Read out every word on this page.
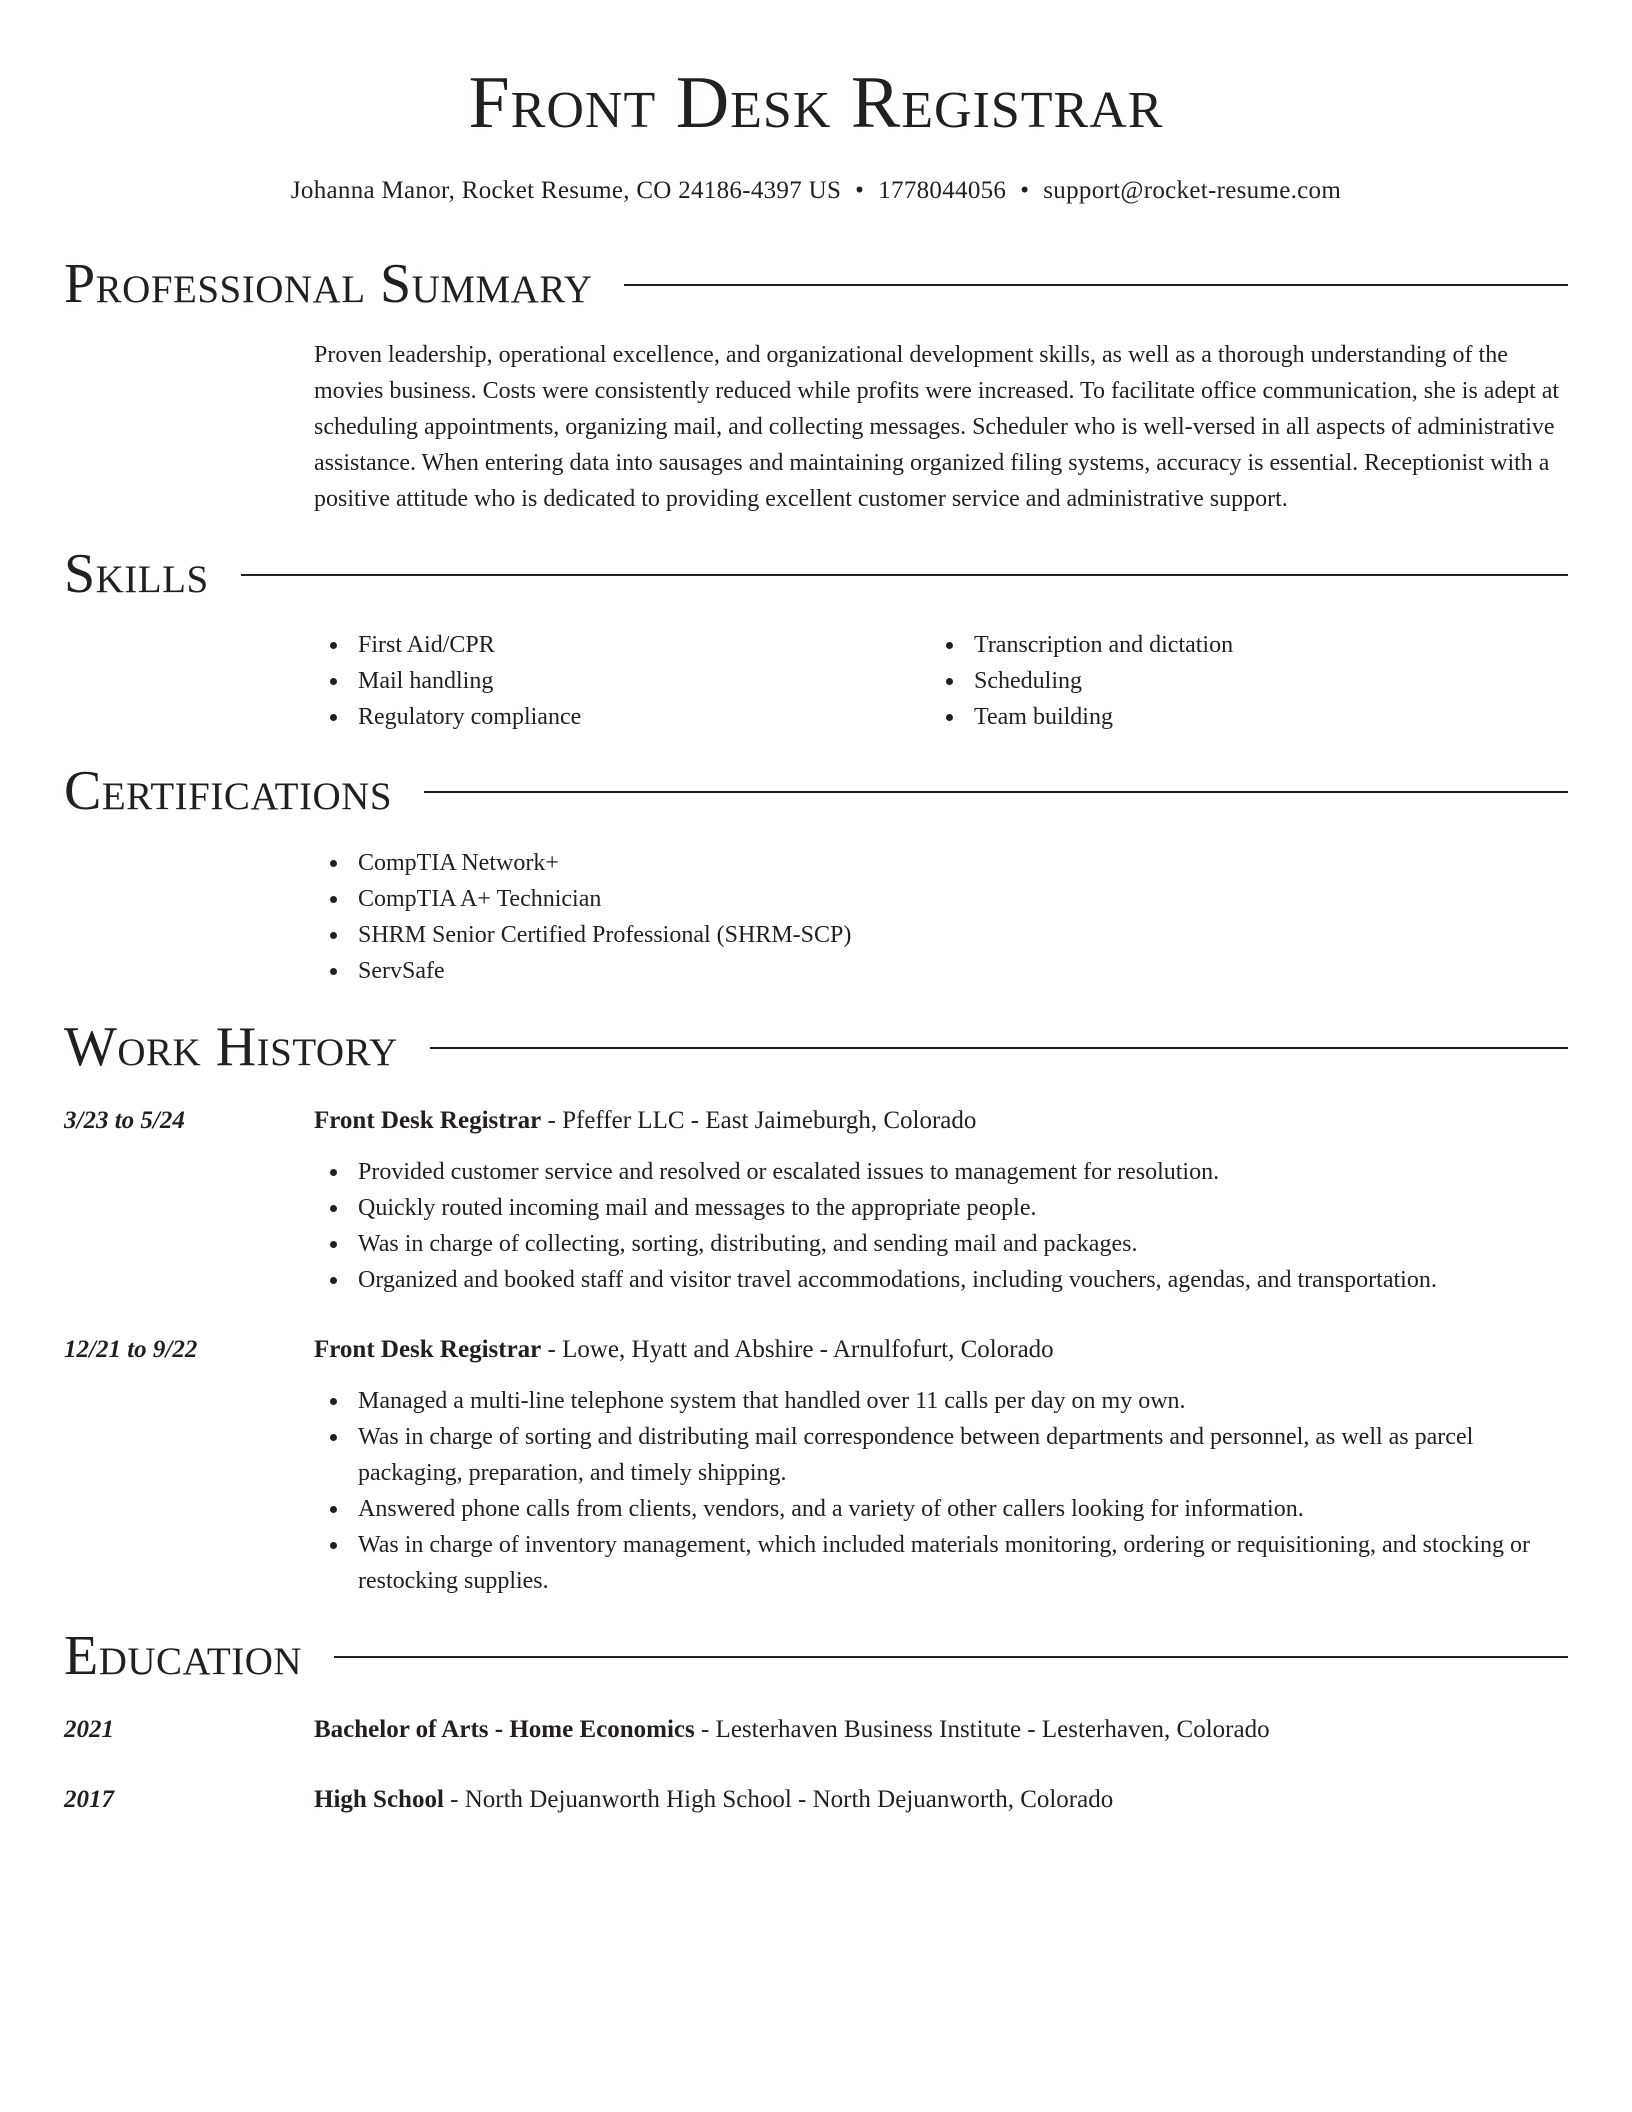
Front Desk Registrar
Johanna Manor, Rocket Resume, CO 24186-4397 US • 1778044056 • support@rocket-resume.com
Professional Summary

Proven leadership, operational excellence, and organizational development skills, as well as a thorough understanding of the movies business. Costs were consistently reduced while profits were increased. To facilitate office communication, she is adept at scheduling appointments, organizing mail, and collecting messages. Scheduler who is well-versed in all aspects of administrative assistance. When entering data into sausages and maintaining organized filing systems, accuracy is essential. Receptionist with a positive attitude who is dedicated to providing excellent customer service and administrative support.

Skills
First Aid/CPR
Mail handling
Regulatory compliance
Transcription and dictation
Scheduling
Team building
Certifications
CompTIA Network+
CompTIA A+ Technician
SHRM Senior Certified Professional (SHRM-SCP)
ServSafe
Work History
3/23 to 5/24	Front Desk Registrar - Pfeffer LLC - East Jaimeburgh, Colorado
Provided customer service and resolved or escalated issues to management for resolution.
Quickly routed incoming mail and messages to the appropriate people.
Was in charge of collecting, sorting, distributing, and sending mail and packages.
Organized and booked staff and visitor travel accommodations, including vouchers, agendas, and transportation.
12/21 to 9/22	Front Desk Registrar - Lowe, Hyatt and Abshire - Arnulfofurt, Colorado
Managed a multi-line telephone system that handled over 11 calls per day on my own.
Was in charge of sorting and distributing mail correspondence between departments and personnel, as well as parcel packaging, preparation, and timely shipping.
Answered phone calls from clients, vendors, and a variety of other callers looking for information.
Was in charge of inventory management, which included materials monitoring, ordering or requisitioning, and stocking or restocking supplies.
Education
2021	Bachelor of Arts - Home Economics - Lesterhaven Business Institute - Lesterhaven, Colorado
2017	High School - North Dejuanworth High School - North Dejuanworth, Colorado
